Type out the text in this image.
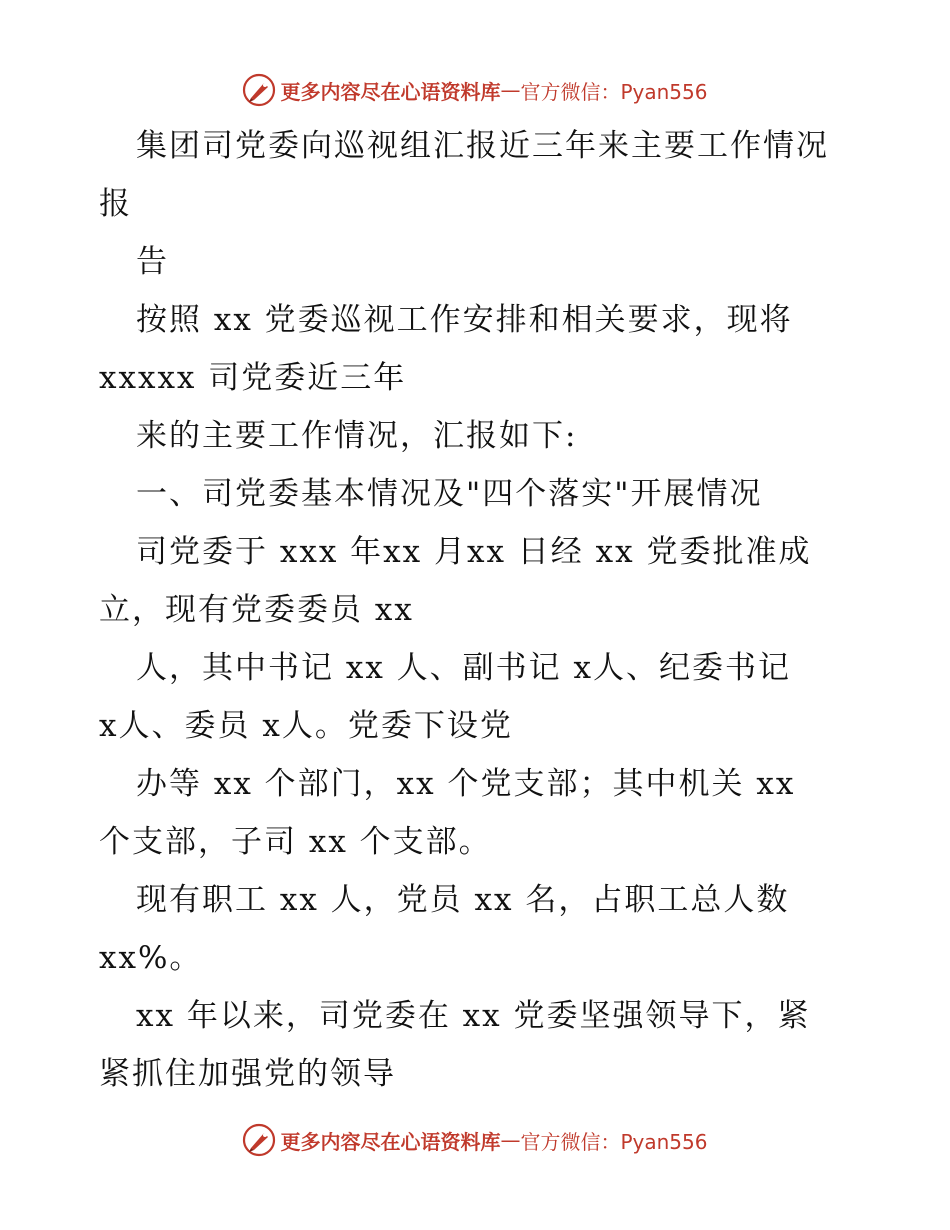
更多内容尽在心语资料库 — 官方微信：Pyan556
集团司党委向巡视组汇报近三年来主要工作情况
报
告
按照 xx 党委巡视工作安排和相关要求，现将
xxxxx 司党委近三年
来的主要工作情况，汇报如下:
一、司党委基本情况及"四个落实"开展情况
司党委于 xxx 年xx 月xx 日经 xx 党委批准成
立，现有党委委员 xx
人，其中书记 xx 人、副书记 x人、纪委书记
x人、委员 x人。党委下设党
办等 xx 个部门，xx 个党支部；其中机关 xx
个支部，子司 xx 个支部。
现有职工 xx 人，党员 xx 名，占职工总人数
xx%。
xx 年以来，司党委在 xx 党委坚强领导下，紧
紧抓住加强党的领导
更多内容尽在心语资料库 — 官方微信：Pyan556
